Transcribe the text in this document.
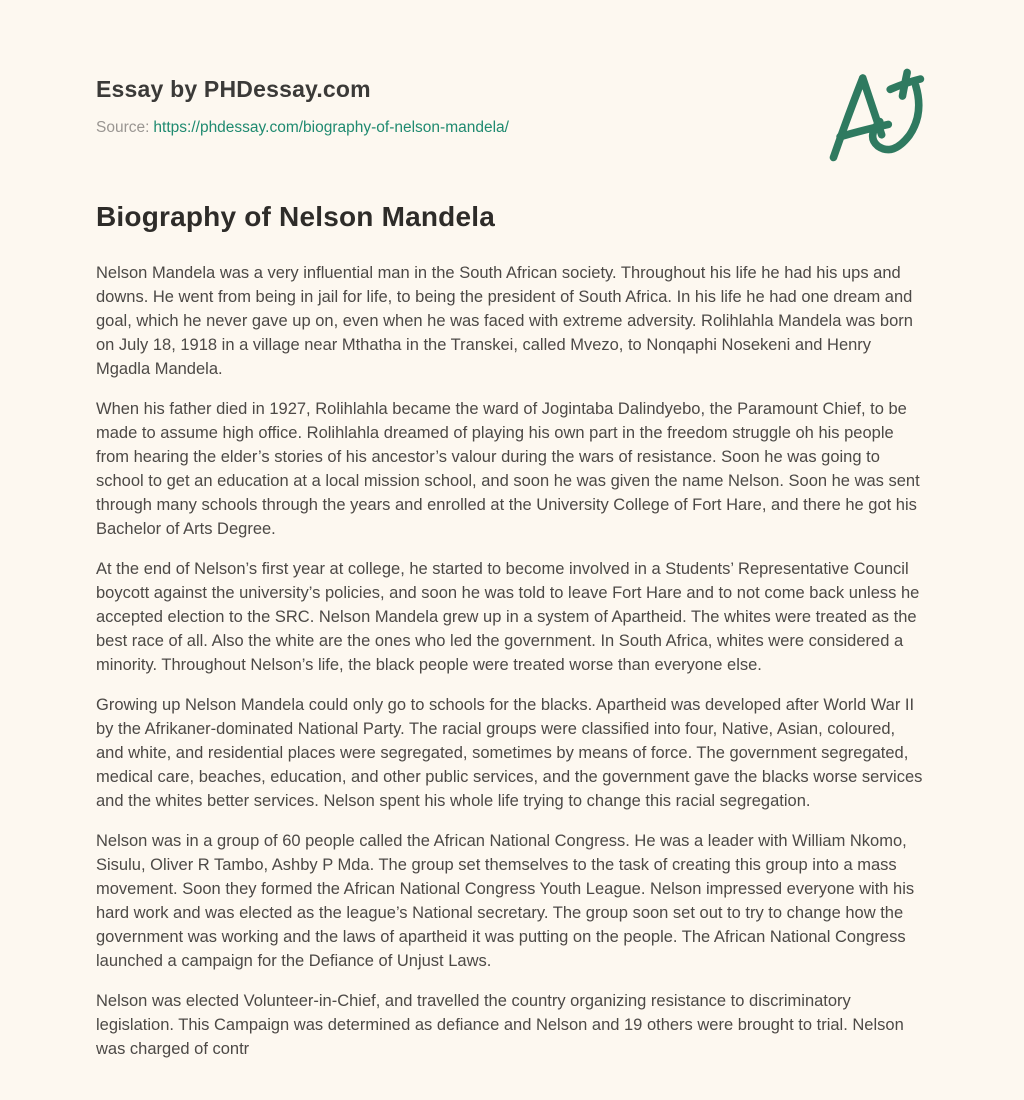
Essay by PHDessay.com
Source: https://phdessay.com/biography-of-nelson-mandela/
Biography of Nelson Mandela

Nelson Mandela was a very influential man in the South African society. Throughout his life he had his ups and downs. He went from being in jail for life, to being the president of South Africa. In his life he had one dream and goal, which he never gave up on, even when he was faced with extreme adversity. Rolihlahla Mandela was born on July 18, 1918 in a village near Mthatha in the Transkei, called Mvezo, to Nonqaphi Nosekeni and Henry Mgadla Mandela.

When his father died in 1927, Rolihlahla became the ward of Jogintaba Dalindyebo, the Paramount Chief, to be made to assume high office. Rolihlahla dreamed of playing his own part in the freedom struggle oh his people from hearing the elder’s stories of his ancestor’s valour during the wars of resistance. Soon he was going to school to get an education at a local mission school, and soon he was given the name Nelson. Soon he was sent through many schools through the years and enrolled at the University College of Fort Hare, and there he got his Bachelor of Arts Degree.

At the end of Nelson’s first year at college, he started to become involved in a Students’ Representative Council boycott against the university’s policies, and soon he was told to leave Fort Hare and to not come back unless he accepted election to the SRC. Nelson Mandela grew up in a system of Apartheid. The whites were treated as the best race of all. Also the white are the ones who led the government. In South Africa, whites were considered a minority. Throughout Nelson’s life, the black people were treated worse than everyone else.

Growing up Nelson Mandela could only go to schools for the blacks. Apartheid was developed after World War II by the Afrikaner-dominated National Party. The racial groups were classified into four, Native, Asian, coloured, and white, and residential places were segregated, sometimes by means of force. The government segregated, medical care, beaches, education, and other public services, and the government gave the blacks worse services and the whites better services. Nelson spent his whole life trying to change this racial segregation.

Nelson was in a group of 60 people called the African National Congress. He was a leader with William Nkomo, Sisulu, Oliver R Tambo, Ashby P Mda. The group set themselves to the task of creating this group into a mass movement. Soon they formed the African National Congress Youth League. Nelson impressed everyone with his hard work and was elected as the league’s National secretary. The group soon set out to try to change how the government was working and the laws of apartheid it was putting on the people. The African National Congress launched a campaign for the Defiance of Unjust Laws.

Nelson was elected Volunteer-in-Chief, and travelled the country organizing resistance to discriminatory legislation. This Campaign was determined as defiance and Nelson and 19 others were brought to trial. Nelson was charged of contr
